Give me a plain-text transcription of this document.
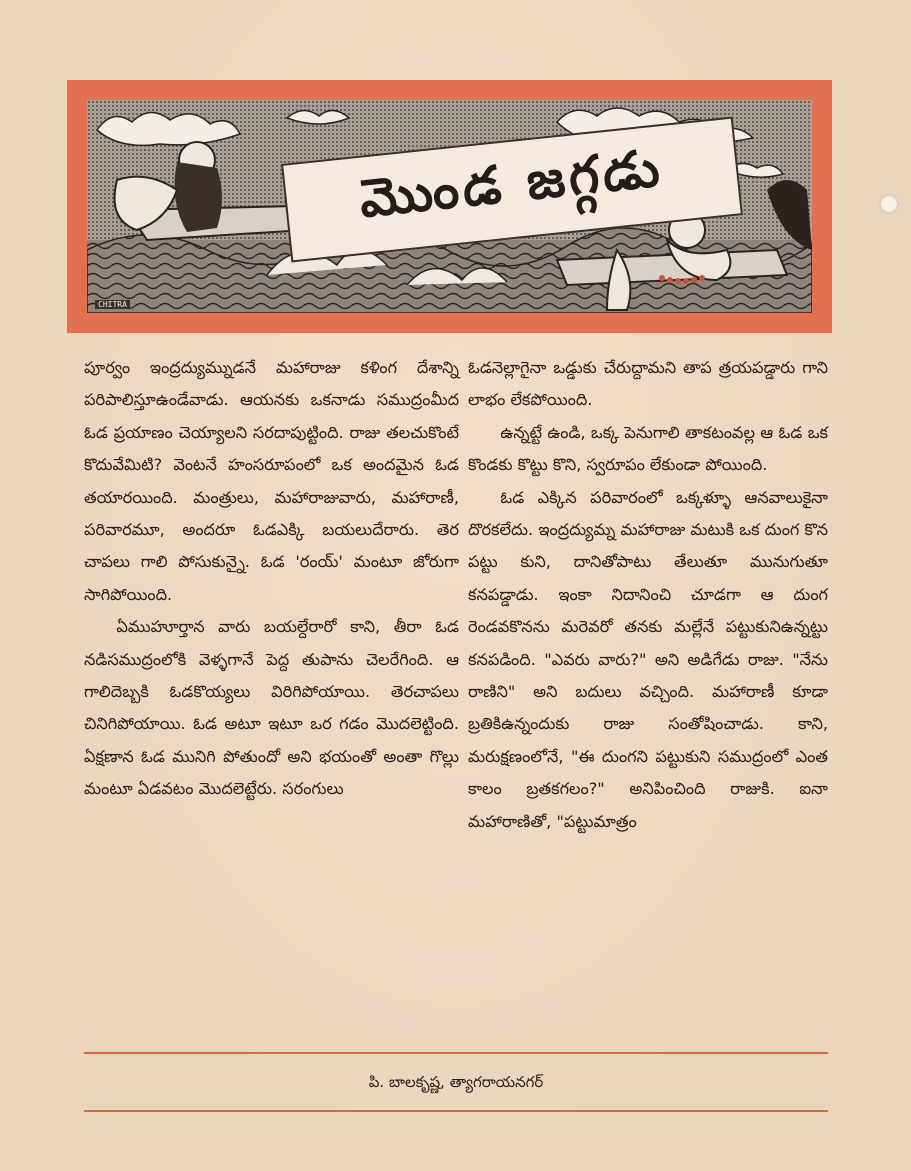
మొండ జగ్గడు
CHITRA

పూర్వం ఇంద్రద్యుమ్నుడనే మహారాజు కళింగ దేశాన్ని పరిపాలిస్తూఉండేవాడు. ఆయనకు ఒకనాడు సముద్రంమీద ఓడ ప్రయాణం చెయ్యాలని సరదాపుట్టింది. రాజు తలచుకొంటే కొదువేమిటి? వెంటనే హంసరూపంలో ఒక అందమైన ఓడ తయారయింది. మంత్రులు, మహారాజువారు, మహారాణీ, పరివారమూ, అందరూ ఓడఎక్కి బయలుదేరారు. తెర చాపలు గాలి పోసుకున్నై. ఓడ 'రంయ్' మంటూ జోరుగా సాగిపోయింది.

ఏముహూర్తాన వారు బయల్దేరారో కాని, తీరా ఓడ నడిసముద్రంలోకి వెళ్ళగానే పెద్ద తుపాను చెలరేగింది. ఆ గాలిదెబ్బకి ఓడకొయ్యలు విరిగిపోయాయి. తెరచాపలు చినిగిపోయాయి. ఓడ అటూ ఇటూ ఒర గడం మొదలెట్టింది. ఏక్షణాన ఓడ మునిగి పోతుందో అని భయంతో అంతా గొల్లు మంటూ ఏడవటం మొదలెట్టేరు. సరంగులు

ఓడనెల్లాగైనా ఒడ్డుకు చేరుద్దామని తాప త్రయపడ్డారు గాని లాభం లేకపోయింది.

ఉన్నట్టే ఉండి, ఒక్క పెనుగాలి తాకటంవల్ల ఆ ఓడ ఒక కొండకు కొట్టు కొని, స్వరూపం లేకుండా పోయింది.

ఓడ ఎక్కిన పరివారంలో ఒక్కళ్ళూ ఆనవాలుకైనా దొరకలేదు. ఇంద్రద్యుమ్న మహారాజు మటుకి ఒక దుంగ కొన పట్టు కుని, దానితోపాటు తేలుతూ మునుగుతూ కనపడ్డాడు. ఇంకా నిదానించి చూడగా ఆ దుంగ రెండవకొనను మరెవరో తనకు మల్లేనే పట్టుకునిఉన్నట్టు కనపడింది. "ఎవరు వారు?" అని అడిగేడు రాజు. "నేను రాణిని" అని బదులు వచ్చింది. మహారాణీ కూడా బ్రతికిఉన్నందుకు రాజు సంతోషించాడు. కాని, మరుక్షణంలోనే, "ఈ దుంగని పట్టుకుని సముద్రంలో ఎంత కాలం బ్రతకగలం?" అనిపించింది రాజుకి. ఐనా మహారాణితో, "పట్టుమాత్రం

పి. బాలకృష్ణ, త్యాగరాయనగర్
